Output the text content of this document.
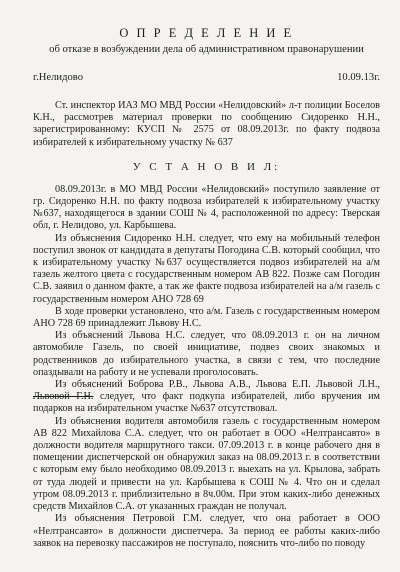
О П Р Е Д Е Л Е Н И Е
об отказе в возбуждении дела об административном правонарушении
г.Нелидово	10.09.13г.

Ст. инспектор ИАЗ МО МВД России «Нелидовский» л-т полиции Боселов К.Н., рассмотрев материал проверки по сообщению Сидоренко Н.Н., зарегистрированному: КУСП № 2575 от 08.09.2013г. по факту подвоза избирателей к избирательному участку № 637

У С Т А Н О В И Л:

08.09.2013г. в МО МВД России «Нелидовский» поступило заявление от гр. Сидоренко Н.Н. по факту подвоза избирателей к избирательному участку №637, находящегося в здании СОШ № 4, расположенной по адресу: Тверская обл, г. Нелидово, ул. Карбышева.

Из объяснения Сидоренко Н.Н. следует, что ему на мобильный телефон поступил звонок от кандидата в депутаты Погодина С.В. который сообщил, что к избирательному участку №637 осуществляется подвоз избирателей на а/м газель желтого цвета с государственным номером АВ 822. Позже сам Погодин С.В. заявил о данном факте, а так же факте подвоза избирателей на а/м газель с государственным номером АНО 728 69

В ходе проверки установлено, что а/м. Газель с государственным номером АНО 728 69 принадлежит Львову Н.С.

Из объяснений Львова Н.С. следует, что 08.09.2013 г. он на личном автомобиле Газель, по своей инициативе, подвез своих знакомых и родственников до избирательного участка, в связи с тем, что последние опаздывали на работу и не успевали проголосовать.

Из объяснений Боброва Р.В., Львова А.В., Львова Е.П. Львовой Л.Н., Львовой Г.Н. следует, что факт подкупа избирателей, либо вручения им подарков на избирательном участке №637 отсутствовал.

Из объяснения водителя автомобиля газель с государственным номером АВ 822 Михайлова С.А. следует, что он работает в ООО «Нелтрансавто» в должности водителя маршрутного такси. 07.09.2013 г. в конце рабочего дня в помещении диспетчерской он обнаружил заказ на 08.09.2013 г. в соответствии с которым ему было необходимо 08.09.2013 г. выехать на ул. Крылова, забрать от туда людей и привести на ул. Карбышева к СОШ № 4. Что он и сделал утром 08.09.2013 г. приблизительно в 8ч.00м. При этом каких-либо денежных средств Михайлов С.А. от указанных граждан не получал.

Из объяснения Петровой Г.М. следует, что она работает в ООО «Нелтрансавто» в должности диспетчера. За период ее работы каких-либо заявок на перевозку пассажиров не поступало, пояснить что-либо по поводу
